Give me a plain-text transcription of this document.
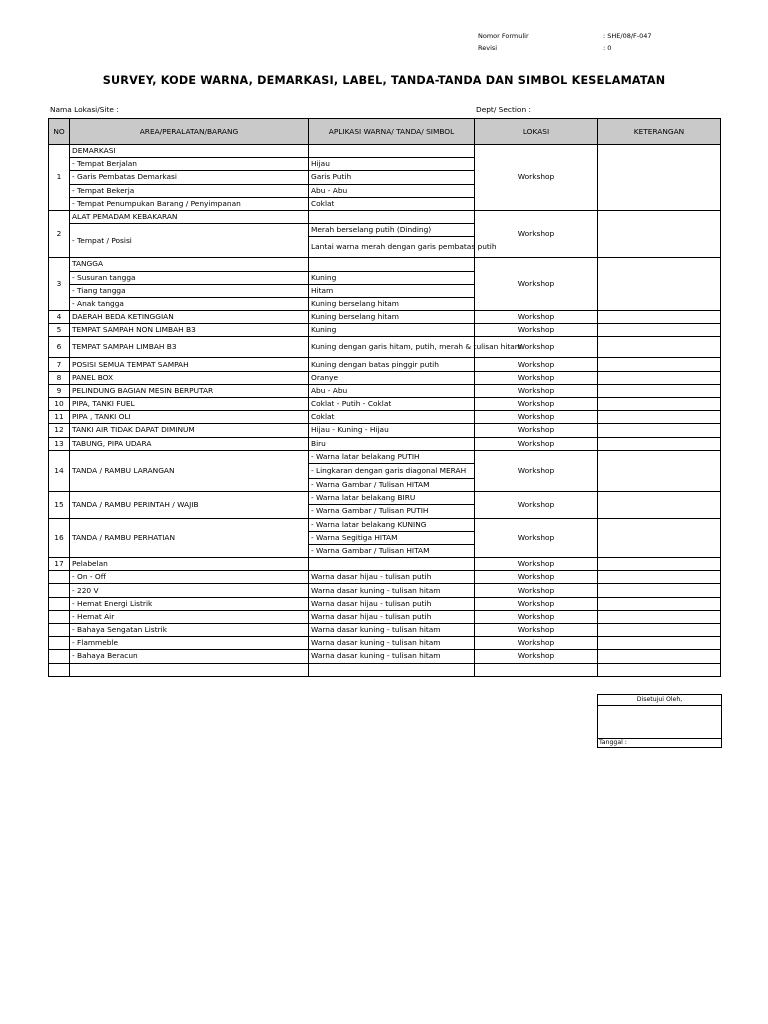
Nomor Formulir	: SHE/08/F-047
Revisi	: 0
SURVEY, KODE WARNA, DEMARKASI, LABEL, TANDA-TANDA DAN SIMBOL KESELAMATAN
Nama Lokasi/Site :	Dept/ Section :
NO	AREA/PERALATAN/BARANG	APLIKASI WARNA/ TANDA/ SIMBOL	LOKASI	KETERANGAN
1	DEMARKASI		Workshop	
	- Tempat Berjalan	Hijau		
	- Garis Pembatas Demarkasi	Garis Putih		
	- Tempat Bekerja	Abu - Abu		
	- Tempat Penumpukan Barang / Penyimpanan	Coklat		
2	ALAT PEMADAM KEBAKARAN		Workshop	
	- Tempat / Posisi	Merah berselang putih (Dinding)		
		Lantai warna merah dengan garis pembatas putih		
3	TANGGA		Workshop	
	- Susuran tangga	Kuning		
	- Tiang tangga	Hitam		
	- Anak tangga	Kuning berselang hitam		
4	DAERAH BEDA KETINGGIAN	Kuning berselang hitam	Workshop	
5	TEMPAT SAMPAH NON LIMBAH B3	Kuning	Workshop	
6	TEMPAT SAMPAH LIMBAH B3	Kuning dengan garis hitam, putih, merah & tulisan hitam	Workshop	
7	POSISI SEMUA TEMPAT SAMPAH	Kuning dengan batas pinggir putih	Workshop	
8	PANEL BOX	Oranye	Workshop	
9	PELINDUNG BAGIAN MESIN BERPUTAR	Abu - Abu	Workshop	
10	PIPA, TANKI FUEL	Coklat - Putih - Coklat	Workshop	
11	PIPA , TANKI OLI	Coklat	Workshop	
12	TANKI AIR TIDAK DAPAT DIMINUM	Hijau - Kuning - Hijau	Workshop	
13	TABUNG, PIPA UDARA	Biru	Workshop	
14	TANDA / RAMBU LARANGAN	- Warna latar belakang PUTIH	Workshop	
		- Lingkaran dengan garis diagonal MERAH		
		- Warna Gambar / Tulisan HITAM		
15	TANDA / RAMBU PERINTAH / WAJIB	- Warna latar belakang BIRU	Workshop	
		- Warna Gambar / Tulisan PUTIH		
16	TANDA / RAMBU PERHATIAN	- Warna latar belakang KUNING	Workshop	
		- Warna Segitiga HITAM		
		- Warna Gambar / Tulisan HITAM		
17	Pelabelan		Workshop	
	- On - Off	Warna dasar hijau - tulisan putih	Workshop	
	- 220 V	Warna dasar kuning - tulisan hitam	Workshop	
	- Hemat Energi Listrik	Warna dasar hijau - tulisan putih	Workshop	
	- Hemat Air	Warna dasar hijau - tulisan putih	Workshop	
	- Bahaya Sengatan Listrik	Warna dasar kuning - tulisan hitam	Workshop	
	- Flammeble	Warna dasar kuning - tulisan hitam	Workshop	
	- Bahaya Beracun	Warna dasar kuning - tulisan hitam	Workshop	

Disetujui Oleh,
Tanggal :
